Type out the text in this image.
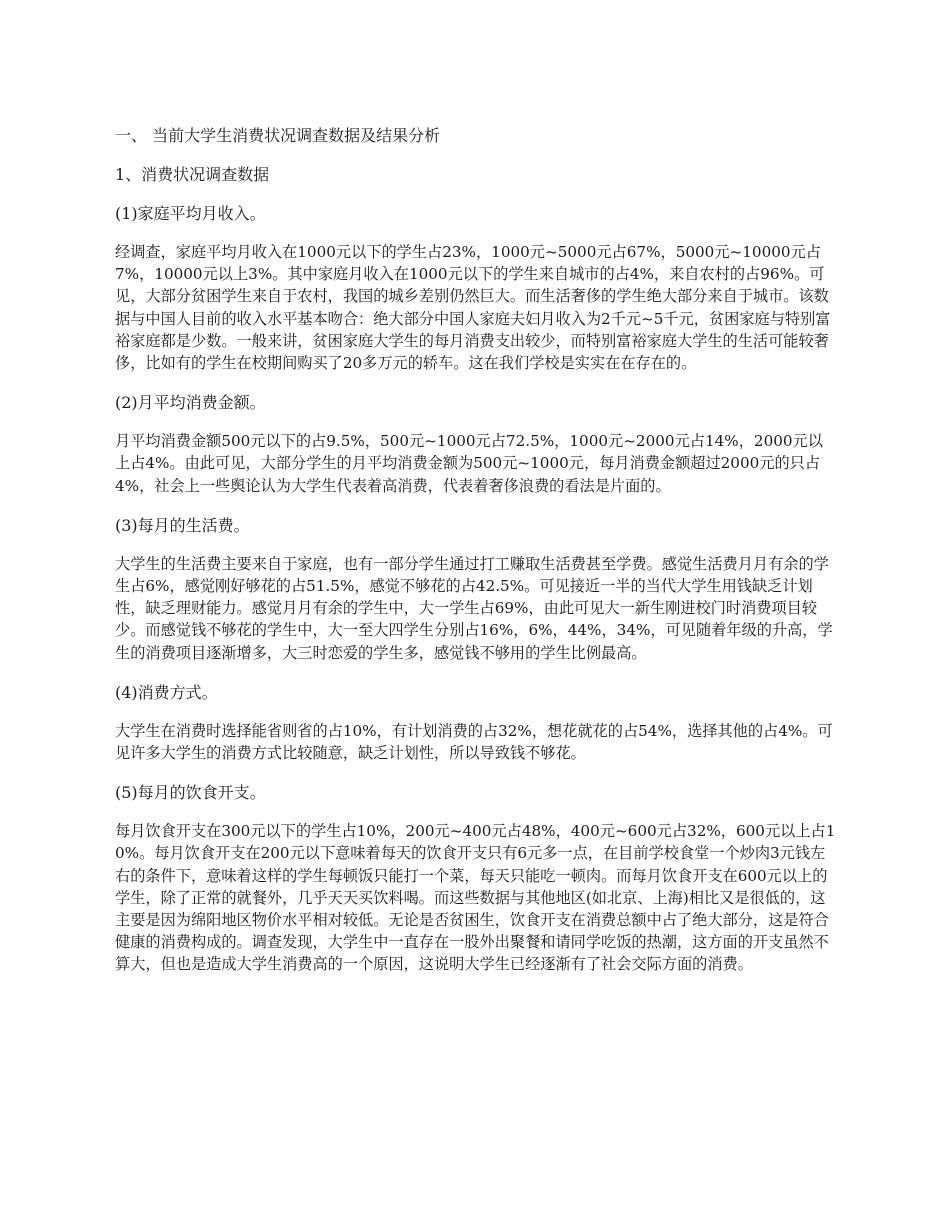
一、 当前大学生消费状况调查数据及结果分析
1、消费状况调查数据
(1)家庭平均月收入。
经调查，家庭平均月收入在1000元以下的学生占23%，1000元~5000元占67%，5000元~10000元占7%，10000元以上3%。其中家庭月收入在1000元以下的学生来自城市的占4%，来自农村的占96%。可见，大部分贫困学生来自于农村，我国的城乡差别仍然巨大。而生活奢侈的学生绝大部分来自于城市。该数据与中国人目前的收入水平基本吻合：绝大部分中国人家庭夫妇月收入为2千元~5千元，贫困家庭与特别富裕家庭都是少数。一般来讲，贫困家庭大学生的每月消费支出较少，而特别富裕家庭大学生的生活可能较奢侈，比如有的学生在校期间购买了20多万元的轿车。这在我们学校是实实在在存在的。
(2)月平均消费金额。
月平均消费金额500元以下的占9.5%，500元~1000元占72.5%，1000元~2000元占14%，2000元以上占4%。由此可见，大部分学生的月平均消费金额为500元~1000元，每月消费金额超过2000元的只占4%，社会上一些舆论认为大学生代表着高消费，代表着奢侈浪费的看法是片面的。
(3)每月的生活费。
大学生的生活费主要来自于家庭，也有一部分学生通过打工赚取生活费甚至学费。感觉生活费月月有余的学生占6%，感觉刚好够花的占51.5%，感觉不够花的占42.5%。可见接近一半的当代大学生用钱缺乏计划性，缺乏理财能力。感觉月月有余的学生中，大一学生占69%，由此可见大一新生刚进校门时消费项目较少。而感觉钱不够花的学生中，大一至大四学生分别占16%，6%，44%，34%，可见随着年级的升高，学生的消费项目逐渐增多，大三时恋爱的学生多，感觉钱不够用的学生比例最高。
(4)消费方式。
大学生在消费时选择能省则省的占10%，有计划消费的占32%，想花就花的占54%，选择其他的占4%。可见许多大学生的消费方式比较随意，缺乏计划性，所以导致钱不够花。
(5)每月的饮食开支。
每月饮食开支在300元以下的学生占10%，200元~400元占48%，400元~600元占32%，600元以上占10%。每月饮食开支在200元以下意味着每天的饮食开支只有6元多一点，在目前学校食堂一个炒肉3元钱左右的条件下，意味着这样的学生每顿饭只能打一个菜，每天只能吃一顿肉。而每月饮食开支在600元以上的学生，除了正常的就餐外，几乎天天买饮料喝。而这些数据与其他地区(如北京、上海)相比又是很低的，这主要是因为绵阳地区物价水平相对较低。无论是否贫困生，饮食开支在消费总额中占了绝大部分，这是符合健康的消费构成的。调查发现，大学生中一直存在一股外出聚餐和请同学吃饭的热潮，这方面的开支虽然不算大，但也是造成大学生消费高的一个原因，这说明大学生已经逐渐有了社会交际方面的消费。
